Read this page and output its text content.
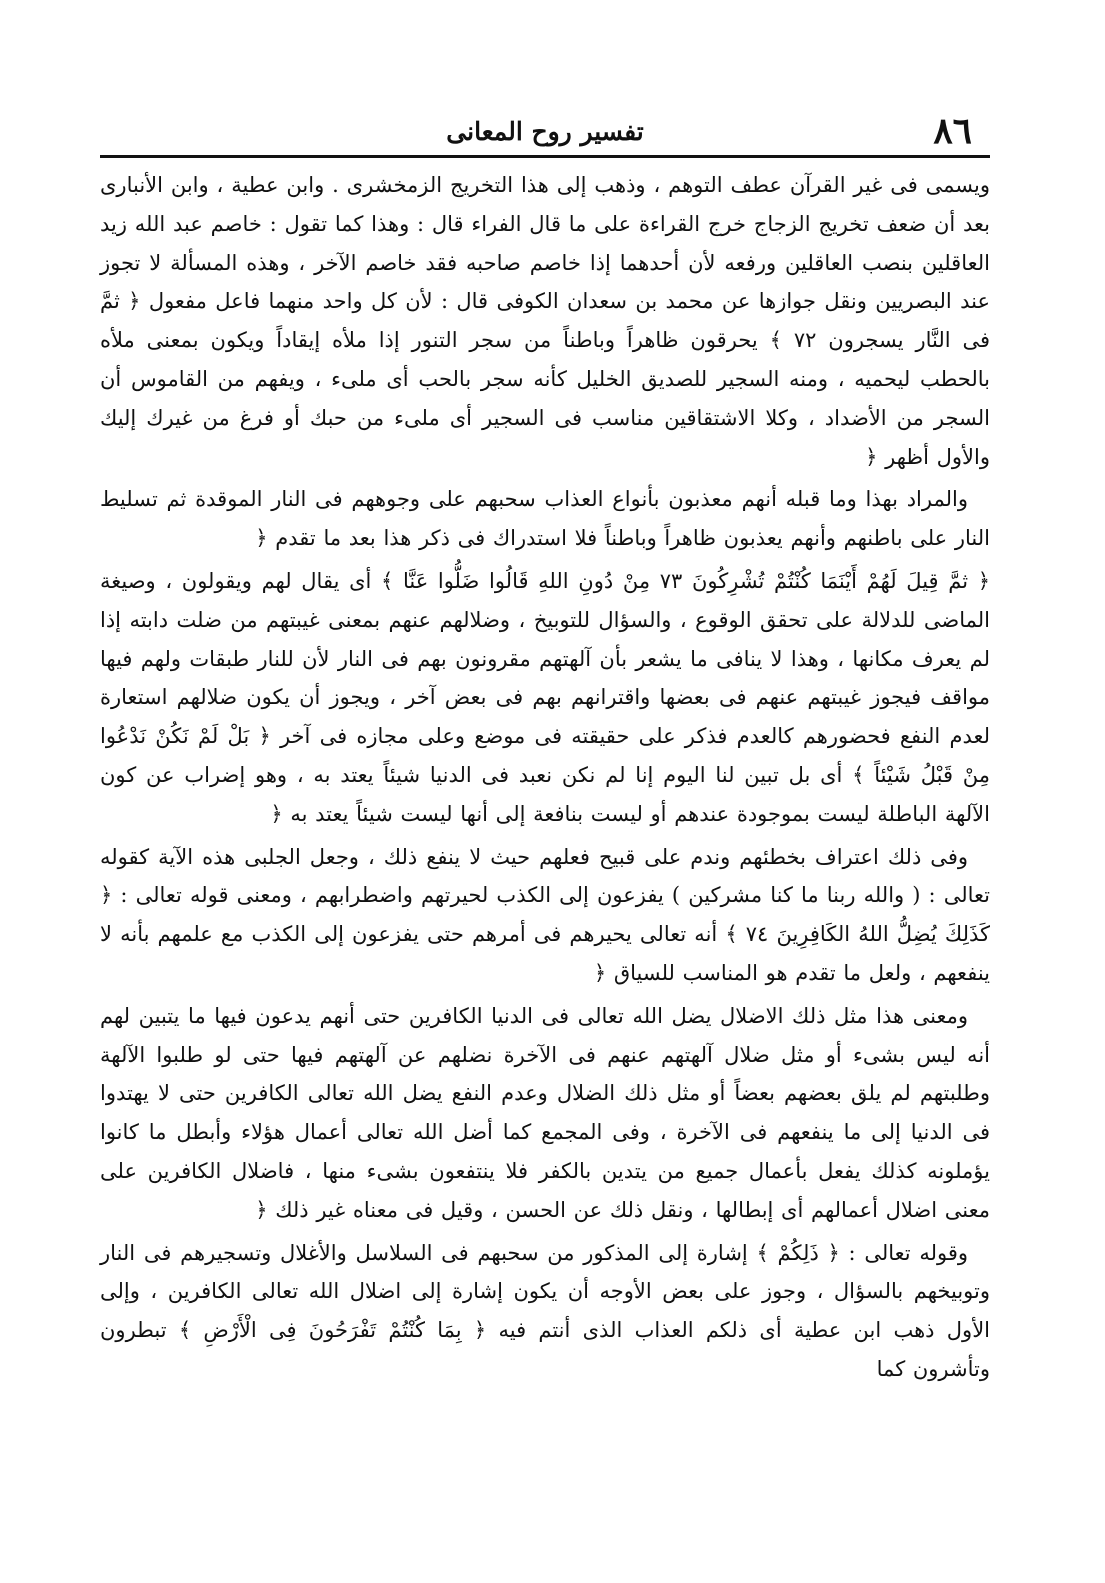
٨٦
تفسير روح المعانى

ويسمى فى غير القرآن عطف التوهم ، وذهب إلى هذا التخريج الزمخشرى . وابن عطية ، وابن الأنبارى بعد أن ضعف تخريج الزجاج خرج القراءة على ما قال الفراء قال : وهذا كما تقول : خاصم عبد الله زيد العاقلين بنصب العاقلين ورفعه لأن أحدهما إذا خاصم صاحبه فقد خاصم الآخر ، وهذه المسألة لا تجوز عند البصريين ونقل جوازها عن محمد بن سعدان الكوفى قال : لأن كل واحد منهما فاعل مفعول ﴿ ثمَّ فى النَّار يسجرون ٧٢ ﴾ يحرقون ظاهراً وباطناً من سجر التنور إذا ملأه إيقاداً ويكون بمعنى ملأه بالحطب ليحميه ، ومنه السجير للصديق الخليل كأنه سجر بالحب أى ملىء ، ويفهم من القاموس أن السجر من الأضداد ، وكلا الاشتقاقين مناسب فى السجير أى ملىء من حبك أو فرغ من غيرك إليك والأول أظهر ﴿

والمراد بهذا وما قبله أنهم معذبون بأنواع العذاب سحبهم على وجوههم فى النار الموقدة ثم تسليط النار على باطنهم وأنهم يعذبون ظاهراً وباطناً فلا استدراك فى ذكر هذا بعد ما تقدم ﴿

﴿ ثمَّ قِيلَ لَهُمْ أَيْنَمَا كُنْتُمْ تُشْرِكُونَ ٧٣ مِنْ دُونِ اللهِ قَالُوا ضَلُّوا عَنَّا ﴾ أى يقال لهم ويقولون ، وصيغة الماضى للدلالة على تحقق الوقوع ، والسؤال للتوبيخ ، وضلالهم عنهم بمعنى غيبتهم من ضلت دابته إذا لم يعرف مكانها ، وهذا لا ينافى ما يشعر بأن آلهتهم مقرونون بهم فى النار لأن للنار طبقات ولهم فيها مواقف فيجوز غيبتهم عنهم فى بعضها واقترانهم بهم فى بعض آخر ، ويجوز أن يكون ضلالهم استعارة لعدم النفع فحضورهم كالعدم فذكر على حقيقته فى موضع وعلى مجازه فى آخر ﴿ بَلْ لَمْ نَكُنْ نَدْعُوا مِنْ قَبْلُ شَيْئاً ﴾ أى بل تبين لنا اليوم إنا لم نكن نعبد فى الدنيا شيئاً يعتد به ، وهو إضراب عن كون الآلهة الباطلة ليست بموجودة عندهم أو ليست بنافعة إلى أنها ليست شيئاً يعتد به ﴿

وفى ذلك اعتراف بخطئهم وندم على قبيح فعلهم حيث لا ينفع ذلك ، وجعل الجلبى هذه الآية كقوله تعالى : ( والله ربنا ما كنا مشركين ) يفزعون إلى الكذب لحيرتهم واضطرابهم ، ومعنى قوله تعالى : ﴿ كَذَلِكَ يُضِلُّ اللهُ الكَافِرِينَ ٧٤ ﴾ أنه تعالى يحيرهم فى أمرهم حتى يفزعون إلى الكذب مع علمهم بأنه لا ينفعهم ، ولعل ما تقدم هو المناسب للسياق ﴿

ومعنى هذا مثل ذلك الاضلال يضل الله تعالى فى الدنيا الكافرين حتى أنهم يدعون فيها ما يتبين لهم أنه ليس بشىء أو مثل ضلال آلهتهم عنهم فى الآخرة نضلهم عن آلهتهم فيها حتى لو طلبوا الآلهة وطلبتهم لم يلق بعضهم بعضاً أو مثل ذلك الضلال وعدم النفع يضل الله تعالى الكافرين حتى لا يهتدوا فى الدنيا إلى ما ينفعهم فى الآخرة ، وفى المجمع كما أضل الله تعالى أعمال هؤلاء وأبطل ما كانوا يؤملونه كذلك يفعل بأعمال جميع من يتدين بالكفر فلا ينتفعون بشىء منها ، فاضلال الكافرين على معنى اضلال أعمالهم أى إبطالها ، ونقل ذلك عن الحسن ، وقيل فى معناه غير ذلك ﴿

وقوله تعالى : ﴿ ذَلِكُمْ ﴾ إشارة إلى المذكور من سحبهم فى السلاسل والأغلال وتسجيرهم فى النار وتوبيخهم بالسؤال ، وجوز على بعض الأوجه أن يكون إشارة إلى اضلال الله تعالى الكافرين ، وإلى الأول ذهب ابن عطية أى ذلكم العذاب الذى أنتم فيه ﴿ بِمَا كُنْتُمْ تَفْرَحُونَ فِى الْأَرْضِ ﴾ تبطرون وتأشرون كما
